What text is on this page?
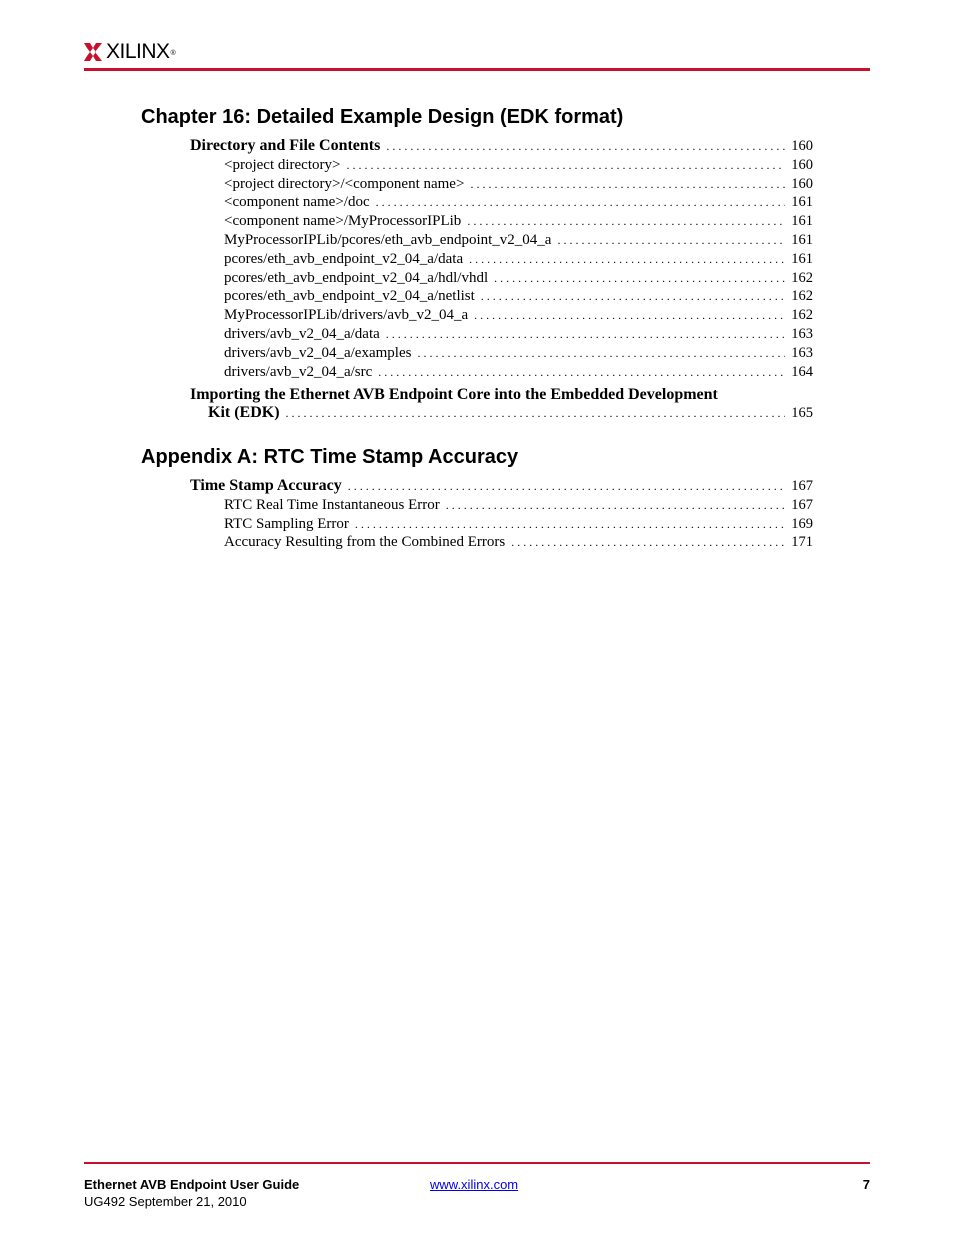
XILINX®
Chapter 16: Detailed Example Design (EDK format)
Directory and File Contents . . .	160
<project directory> . . .	160
<project directory>/<component name> . . .	160
<component name>/doc . . .	161
<component name>/MyProcessorIPLib . . .	161
MyProcessorIPLib/pcores/eth_avb_endpoint_v2_04_a . . .	161
pcores/eth_avb_endpoint_v2_04_a/data . . .	161
pcores/eth_avb_endpoint_v2_04_a/hdl/vhdl . . .	162
pcores/eth_avb_endpoint_v2_04_a/netlist . . .	162
MyProcessorIPLib/drivers/avb_v2_04_a . . .	162
drivers/avb_v2_04_a/data . . .	163
drivers/avb_v2_04_a/examples . . .	163
drivers/avb_v2_04_a/src . . .	164
Importing the Ethernet AVB Endpoint Core into the Embedded Development
Kit (EDK) . . .	165
Appendix A: RTC Time Stamp Accuracy
Time Stamp Accuracy . . .	167
RTC Real Time Instantaneous Error . . .	167
RTC Sampling Error . . .	169
Accuracy Resulting from the Combined Errors . . .	171
Ethernet AVB Endpoint User Guide
UG492 September 21, 2010
www.xilinx.com	7
